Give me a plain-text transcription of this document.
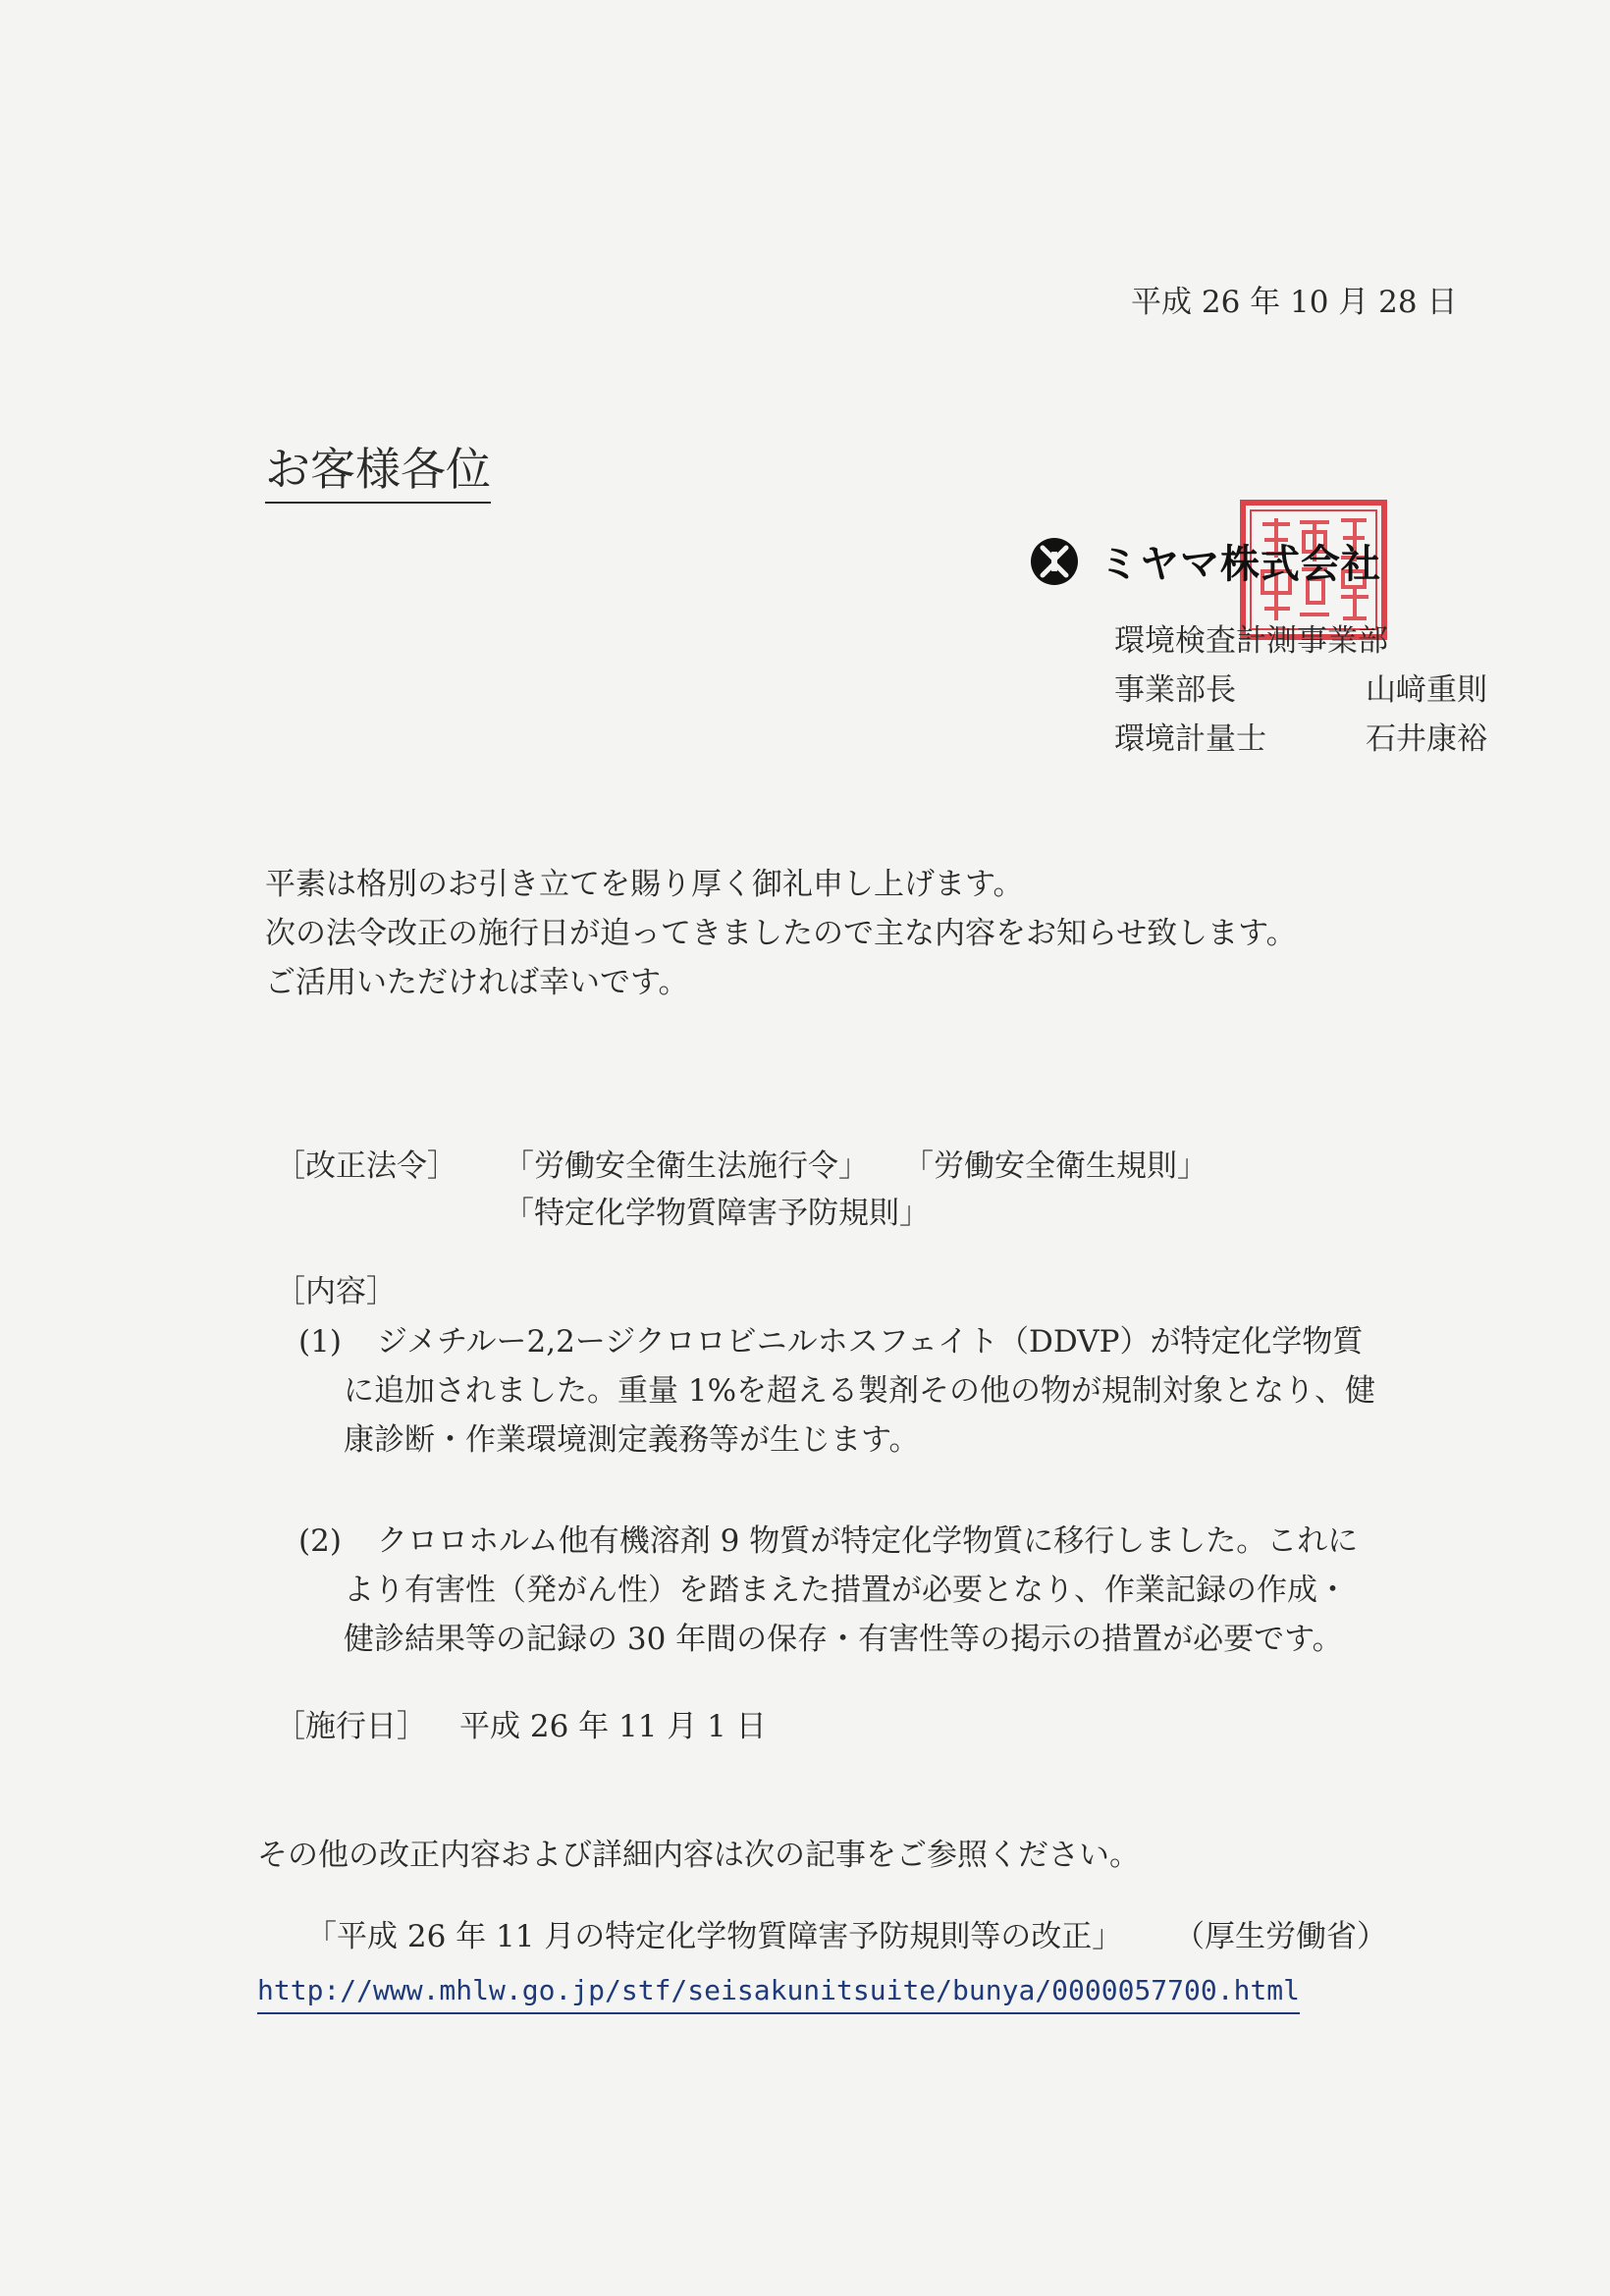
平成 26 年 10 月 28 日
お客様各位
ミヤマ株式会社
環境検査計測事業部
事業部長	山﨑重則
環境計量士	石井康裕

平素は格別のお引き立てを賜り厚く御礼申し上げます。

次の法令改正の施行日が迫ってきましたので主な内容をお知らせ致します。

ご活用いただければ幸いです。

［改正法令］ 「労働安全衛生法施行令」 「労働安全衛生規則」
「特定化学物質障害予防規則」
［内容］
(1) ジメチルー2,2ージクロロビニルホスフェイト（DDVP）が特定化学物質
に追加されました。重量 1%を超える製剤その他の物が規制対象となり、健
康診断・作業環境測定義務等が生じます。
(2) クロロホルム他有機溶剤 9 物質が特定化学物質に移行しました。これに
より有害性（発がん性）を踏まえた措置が必要となり、作業記録の作成・
健診結果等の記録の 30 年間の保存・有害性等の掲示の措置が必要です。
［施行日］ 平成 26 年 11 月 1 日
その他の改正内容および詳細内容は次の記事をご参照ください。
「平成 26 年 11 月の特定化学物質障害予防規則等の改正」 （厚生労働省）
http://www.mhlw.go.jp/stf/seisakunitsuite/bunya/0000057700.html
